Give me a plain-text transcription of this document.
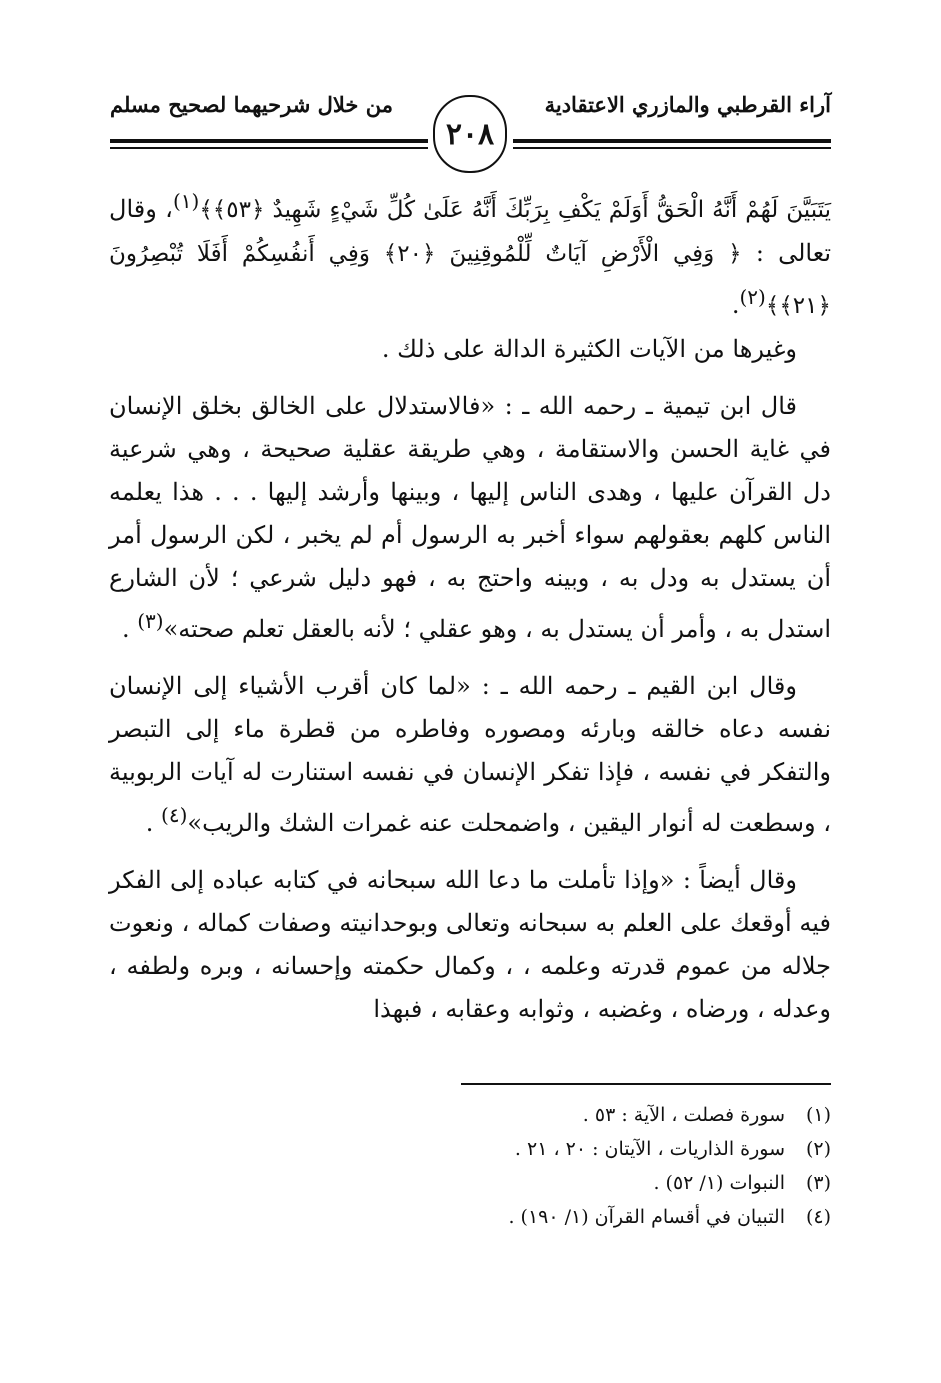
آراء القرطبي والمازري الاعتقادية
من خلال شرحيهما لصحيح مسلم
٢٠٨

يَتَبَيَّنَ لَهُمْ أَنَّهُ الْحَقُّ أَوَلَمْ يَكْفِ بِرَبِّكَ أَنَّهُ عَلَىٰ كُلِّ شَيْءٍ شَهِيدٌ ﴿٥٣﴾﴾$^{(١)}$، وقال تعالى : ﴿ وَفِي الْأَرْضِ آيَاتٌ لِّلْمُوقِنِينَ ﴿٢٠﴾ وَفِي أَنفُسِكُمْ أَفَلَا تُبْصِرُونَ ﴿٢١﴾﴾$^{(٢)}$.

وغيرها من الآيات الكثيرة الدالة على ذلك .

قال ابن تيمية ـ رحمه الله ـ : «فالاستدلال على الخالق بخلق الإنسان في غاية الحسن والاستقامة ، وهي طريقة عقلية صحيحة ، وهي شرعية دل القرآن عليها ، وهدى الناس إليها ، وبينها وأرشد إليها . . . هذا يعلمه الناس كلهم بعقولهم سواء أخبر به الرسول أم لم يخبر ، لكن الرسول أمر أن يستدل به ودل به ، وبينه واحتج به ، فهو دليل شرعي ؛ لأن الشارع استدل به ، وأمر أن يستدل به ، وهو عقلي ؛ لأنه بالعقل تعلم صحته»$^{(٣)}$ .

وقال ابن القيم ـ رحمه الله ـ : «لما كان أقرب الأشياء إلى الإنسان نفسه دعاه خالقه وبارئه ومصوره وفاطره من قطرة ماء إلى التبصر والتفكر في نفسه ، فإذا تفكر الإنسان في نفسه استنارت له آيات الربوبية ، وسطعت له أنوار اليقين ، واضمحلت عنه غمرات الشك والريب»$^{(٤)}$ .

وقال أيضاً : «وإذا تأملت ما دعا الله سبحانه في كتابه عباده إلى الفكر فيه أوقعك على العلم به سبحانه وتعالى وبوحدانيته وصفات كماله ، ونعوت جلاله من عموم قدرته وعلمه ، ، وكمال حكمته وإحسانه ، وبره ولطفه ، وعدله ، ورضاه ، وغضبه ، وثوابه وعقابه ، فبهذا

(١)
سورة فصلت ، الآية : ٥٣ .
(٢)
سورة الذاريات ، الآيتان : ٢٠ ، ٢١ .
(٣)
النبوات (١/ ٥٢) .
(٤)
التبيان في أقسام القرآن (١/ ١٩٠) .
